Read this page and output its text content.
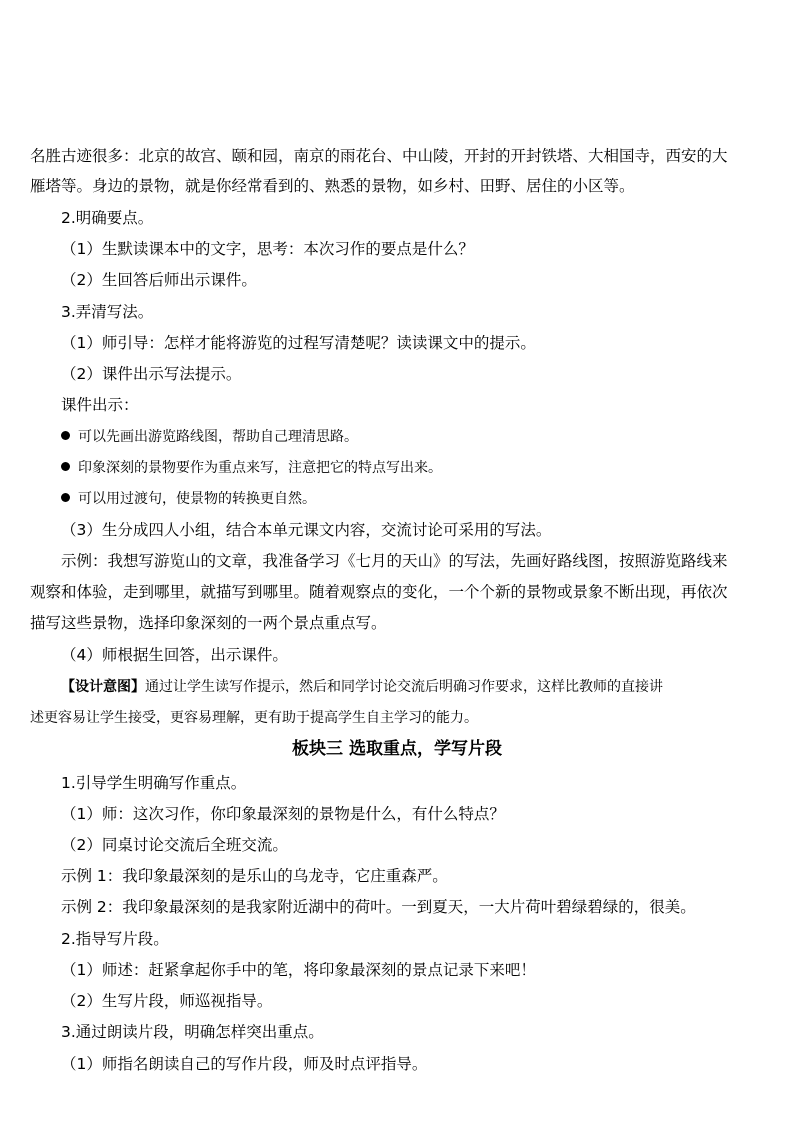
名胜古迹很多：北京的故宫、颐和园，南京的雨花台、中山陵，开封的开封铁塔、大相国寺，西安的大
雁塔等。身边的景物，就是你经常看到的、熟悉的景物，如乡村、田野、居住的小区等。
2.明确要点。
（1）生默读课本中的文字，思考：本次习作的要点是什么？
（2）生回答后师出示课件。
3.弄清写法。
（1）师引导：怎样才能将游览的过程写清楚呢？读读课文中的提示。
（2）课件出示写法提示。
课件出示：
可以先画出游览路线图，帮助自己理清思路。
印象深刻的景物要作为重点来写，注意把它的特点写出来。
可以用过渡句，使景物的转换更自然。
（3）生分成四人小组，结合本单元课文内容，交流讨论可采用的写法。
示例：我想写游览山的文章，我准备学习《七月的天山》的写法，先画好路线图，按照游览路线来
观察和体验，走到哪里，就描写到哪里。随着观察点的变化，一个个新的景物或景象不断出现，再依次
描写这些景物，选择印象深刻的一两个景点重点写。
（4）师根据生回答，出示课件。
【设计意图】通过让学生读写作提示，然后和同学讨论交流后明确习作要求，这样比教师的直接讲
述更容易让学生接受，更容易理解，更有助于提高学生自主学习的能力。
板块三 选取重点，学写片段
1.引导学生明确写作重点。
（1）师：这次习作，你印象最深刻的景物是什么，有什么特点？
（2）同桌讨论交流后全班交流。
示例 1：我印象最深刻的是乐山的乌龙寺，它庄重森严。
示例 2：我印象最深刻的是我家附近湖中的荷叶。一到夏天，一大片荷叶碧绿碧绿的，很美。
2.指导写片段。
（1）师述：赶紧拿起你手中的笔，将印象最深刻的景点记录下来吧！
（2）生写片段，师巡视指导。
3.通过朗读片段，明确怎样突出重点。
（1）师指名朗读自己的写作片段，师及时点评指导。
